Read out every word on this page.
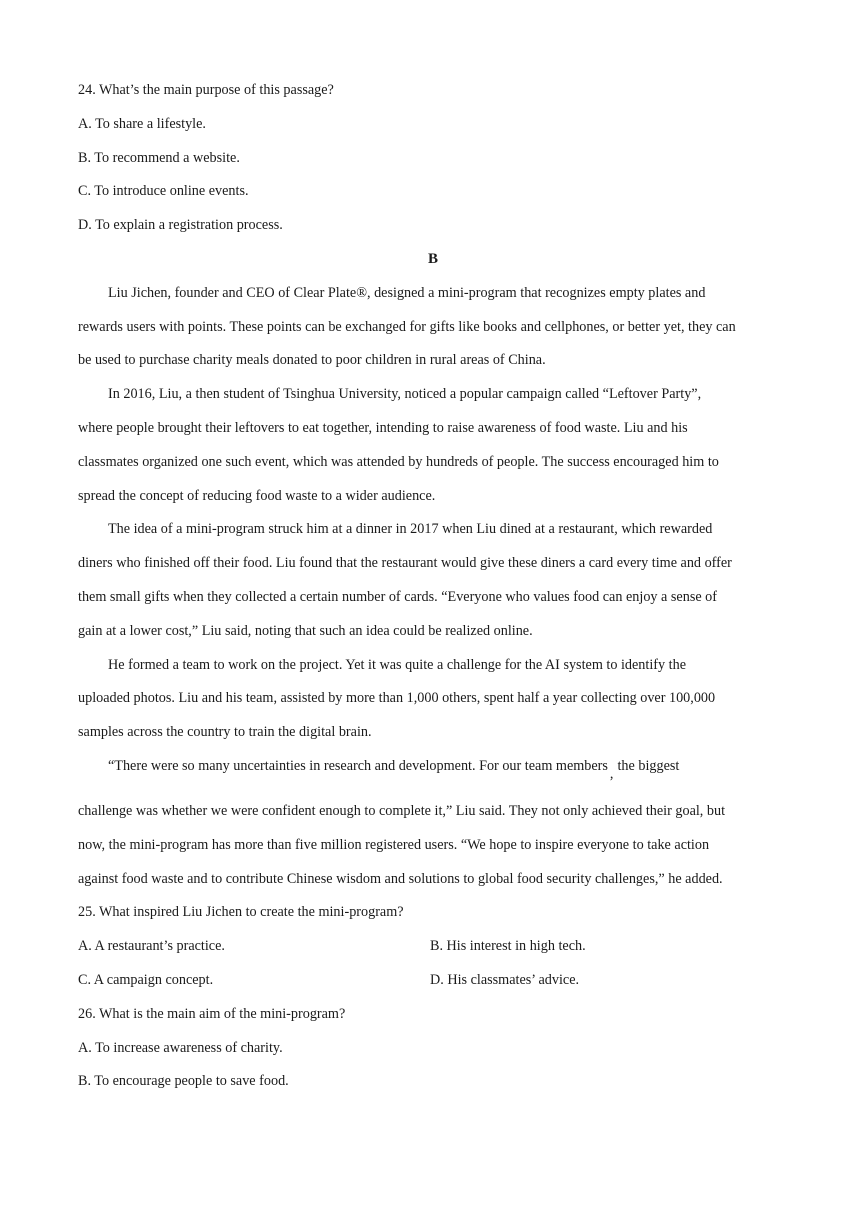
24. What’s the main purpose of this passage?

A. To share a lifestyle.

B. To recommend a website.

C. To introduce online events.

D. To explain a registration process.

B

Liu Jichen, founder and CEO of Clear Plate®, designed a mini-program that recognizes empty plates and

rewards users with points. These points can be exchanged for gifts like books and cellphones, or better yet, they can

be used to purchase charity meals donated to poor children in rural areas of China.

In 2016, Liu, a then student of Tsinghua University, noticed a popular campaign called “Leftover Party”,

where people brought their leftovers to eat together, intending to raise awareness of food waste. Liu and his

classmates organized one such event, which was attended by hundreds of people. The success encouraged him to

spread the concept of reducing food waste to a wider audience.

The idea of a mini-program struck him at a dinner in 2017 when Liu dined at a restaurant, which rewarded

diners who finished off their food. Liu found that the restaurant would give these diners a card every time and offer

them small gifts when they collected a certain number of cards. “Everyone who values food can enjoy a sense of

gain at a lower cost,” Liu said, noting that such an idea could be realized online.

He formed a team to work on the project. Yet it was quite a challenge for the AI system to identify the

uploaded photos. Liu and his team, assisted by more than 1,000 others, spent half a year collecting over 100,000

samples across the country to train the digital brain.

“There were so many uncertainties in research and development. For our team members , the biggest

challenge was whether we were confident enough to complete it,” Liu said. They not only achieved their goal, but

now, the mini-program has more than five million registered users. “We hope to inspire everyone to take action

against food waste and to contribute Chinese wisdom and solutions to global food security challenges,” he added.

25. What inspired Liu Jichen to create the mini-program?

A. A restaurant’s practice.	B. His interest in high tech.
C. A campaign concept.	D. His classmates’ advice.

26. What is the main aim of the mini-program?

A. To increase awareness of charity.

B. To encourage people to save food.
